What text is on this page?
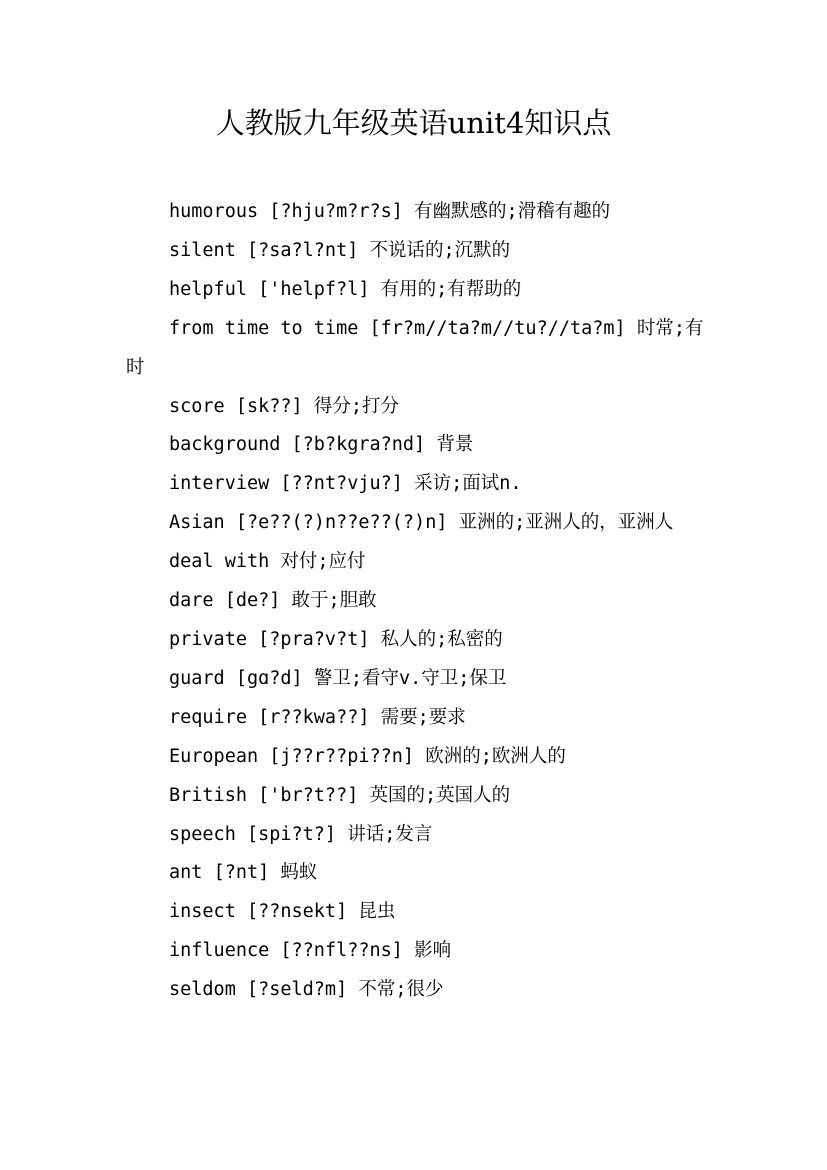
人教版九年级英语unit4知识点
humorous [?hju?m?r?s] 有幽默感的;滑稽有趣的
silent [?sa?l?nt] 不说话的;沉默的
helpful ['helpf?l] 有用的;有帮助的
from time to time [fr?m//ta?m//tu?//ta?m] 时常;有时
score [sk??] 得分;打分
background [?b?kgra?nd] 背景
interview [??nt?vju?] 采访;面试n.
Asian [?e??(?)n??e??(?)n] 亚洲的;亚洲人的，亚洲人
deal with 对付;应付
dare [de?] 敢于;胆敢
private [?pra?v?t] 私人的;私密的
guard [gɑ?d] 警卫;看守v.守卫;保卫
require [r??kwa??] 需要;要求
European [j??r??pi??n] 欧洲的;欧洲人的
British ['br?t??] 英国的;英国人的
speech [spi?t?] 讲话;发言
ant [?nt] 蚂蚁
insect [??nsekt] 昆虫
influence [??nfl??ns] 影响
seldom [?seld?m] 不常;很少
